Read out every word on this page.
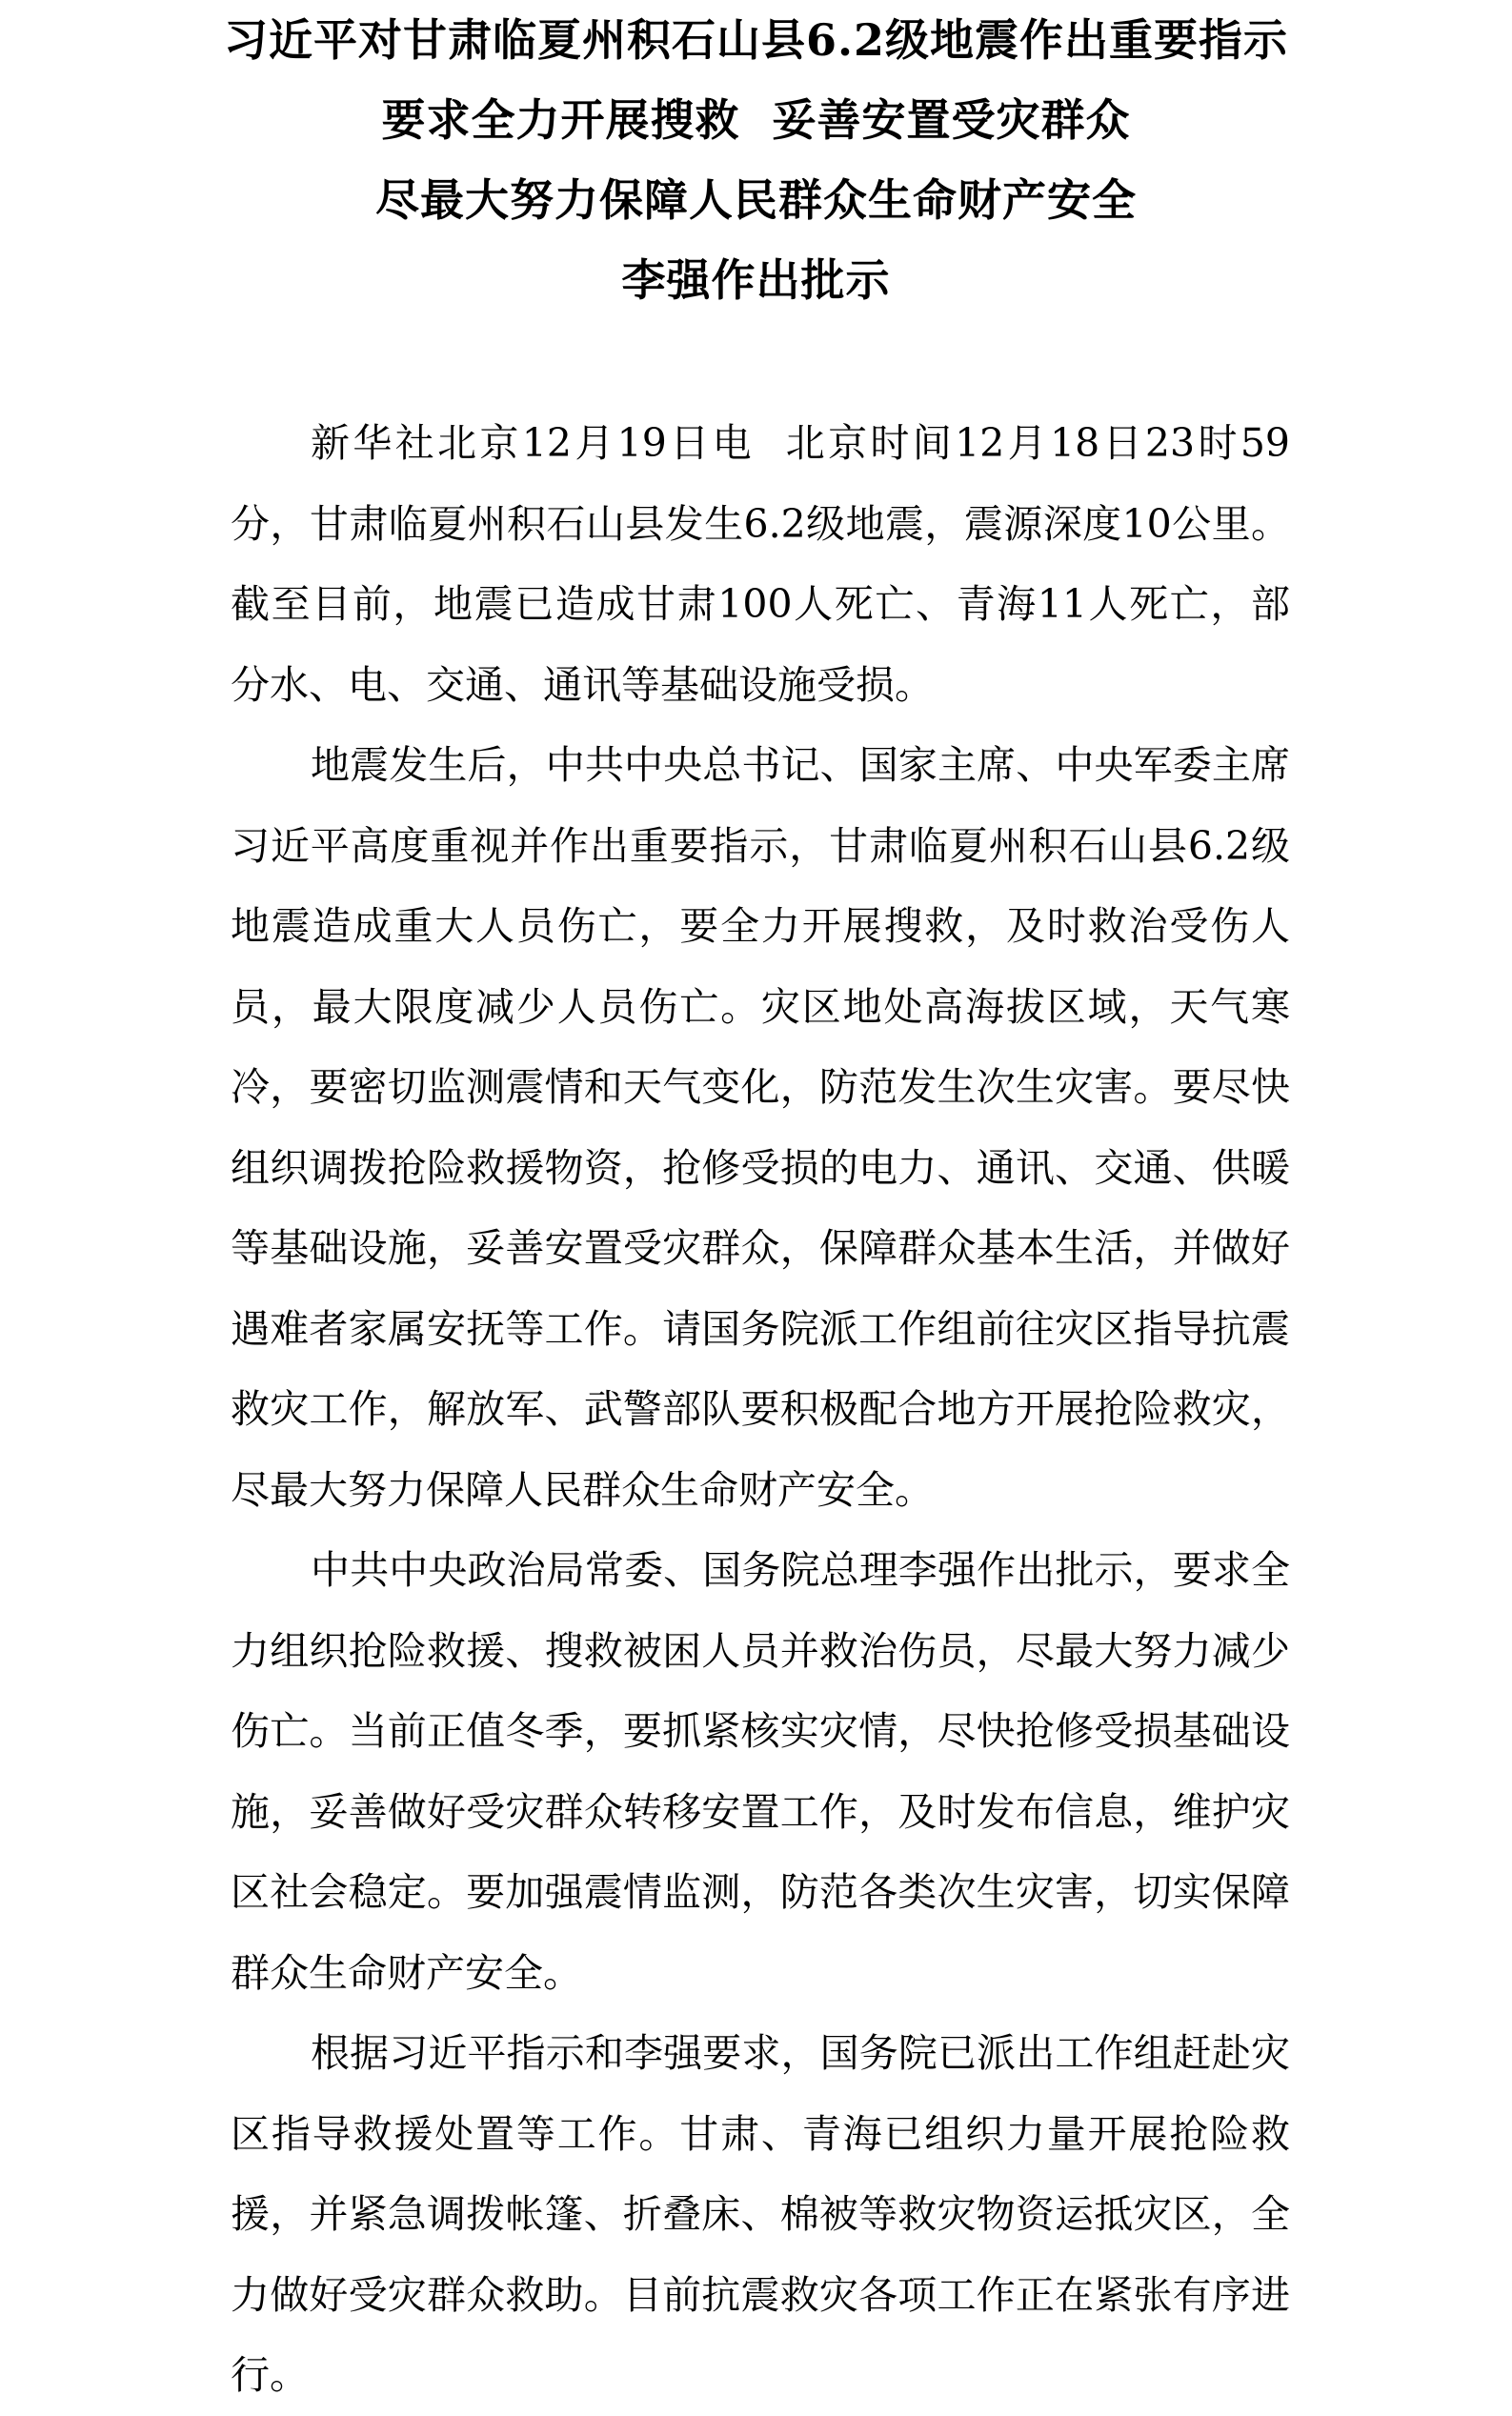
习近平对甘肃临夏州积石山县6.2级地震作出重要指示
要求全力开展搜救  妥善安置受灾群众
尽最大努力保障人民群众生命财产安全
李强作出批示

新华社北京12月19日电  北京时间12月18日23时59分，甘肃临夏州积石山县发生6.2级地震，震源深度10公里。截至目前，地震已造成甘肃100人死亡、青海11人死亡，部分水、电、交通、通讯等基础设施受损。

地震发生后，中共中央总书记、国家主席、中央军委主席习近平高度重视并作出重要指示，甘肃临夏州积石山县6.2级地震造成重大人员伤亡，要全力开展搜救，及时救治受伤人员，最大限度减少人员伤亡。灾区地处高海拔区域，天气寒冷，要密切监测震情和天气变化，防范发生次生灾害。要尽快组织调拨抢险救援物资，抢修受损的电力、通讯、交通、供暖等基础设施，妥善安置受灾群众，保障群众基本生活，并做好遇难者家属安抚等工作。请国务院派工作组前往灾区指导抗震救灾工作，解放军、武警部队要积极配合地方开展抢险救灾，尽最大努力保障人民群众生命财产安全。

中共中央政治局常委、国务院总理李强作出批示，要求全力组织抢险救援、搜救被困人员并救治伤员，尽最大努力减少伤亡。当前正值冬季，要抓紧核实灾情，尽快抢修受损基础设施，妥善做好受灾群众转移安置工作，及时发布信息，维护灾区社会稳定。要加强震情监测，防范各类次生灾害，切实保障群众生命财产安全。

根据习近平指示和李强要求，国务院已派出工作组赶赴灾区指导救援处置等工作。甘肃、青海已组织力量开展抢险救援，并紧急调拨帐篷、折叠床、棉被等救灾物资运抵灾区，全力做好受灾群众救助。目前抗震救灾各项工作正在紧张有序进行。
